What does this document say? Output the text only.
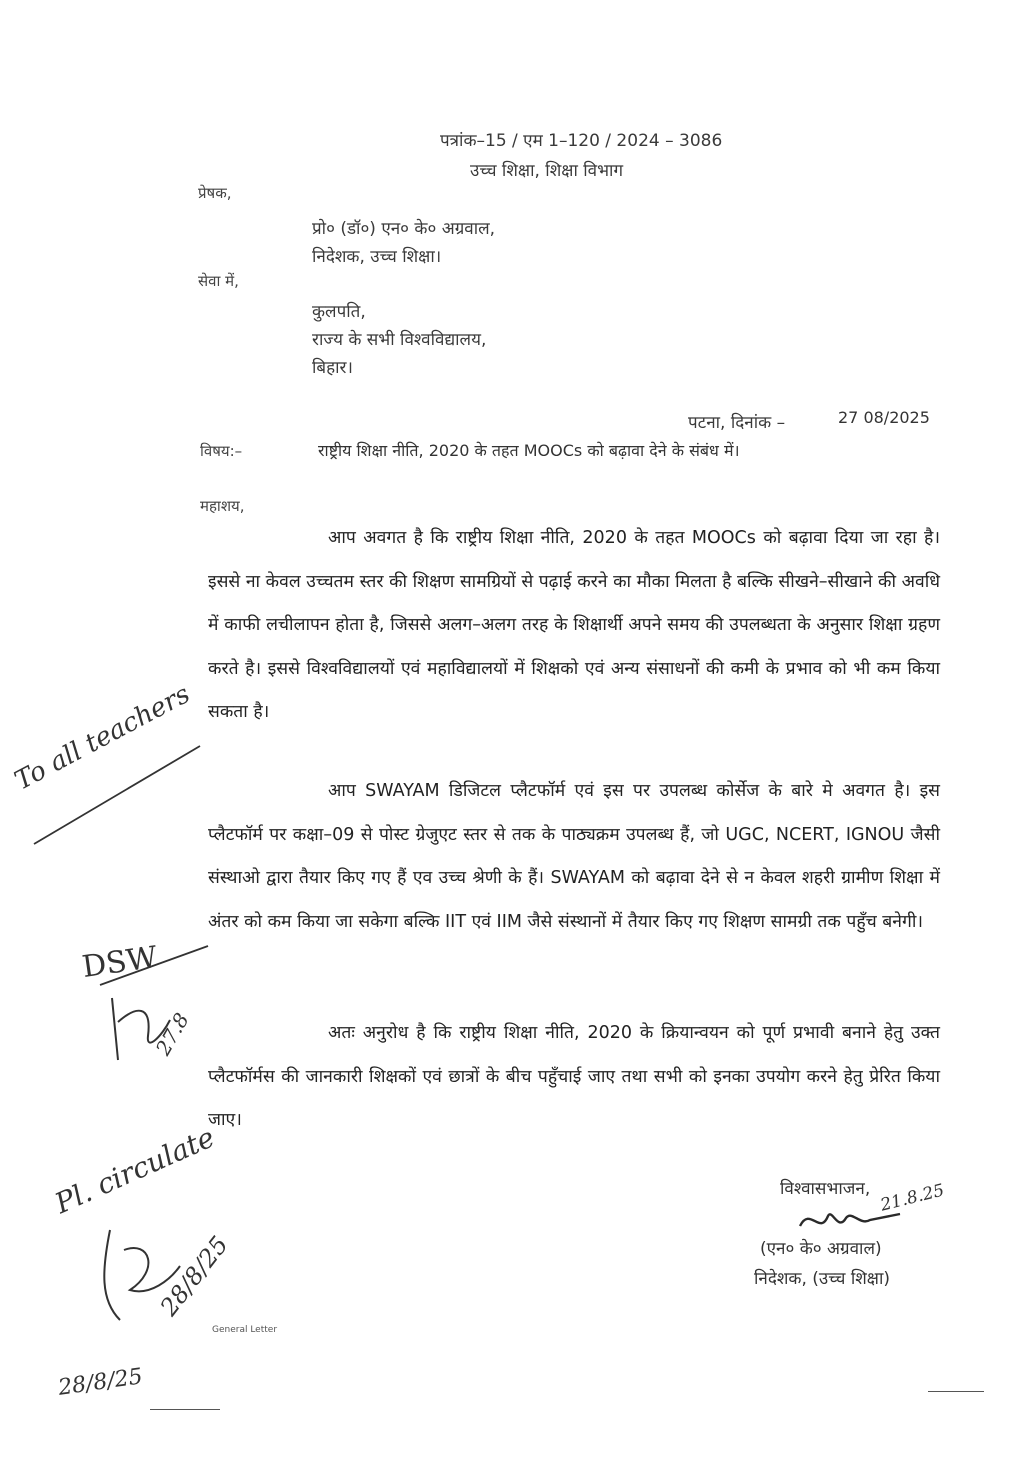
पत्रांक–15 / एम 1–120 / 2024 – 3086
उच्च शिक्षा, शिक्षा विभाग
प्रेषक,
प्रो० (डॉ०) एन० के० अग्रवाल,
निदेशक, उच्च शिक्षा।
सेवा में,
कुलपति,
राज्य के सभी विश्वविद्यालय,
बिहार।
पटना, दिनांक –	27 08/2025
विषय:–	राष्ट्रीय शिक्षा नीति, 2020 के तहत MOOCs को बढ़ावा देने के संबंध में।
महाशय,
आप अवगत है कि राष्ट्रीय शिक्षा नीति, 2020 के तहत MOOCs को बढ़ावा दिया जा रहा है। इससे ना केवल उच्चतम स्तर की शिक्षण सामग्रियों से पढ़ाई करने का मौका मिलता है बल्कि सीखने–सीखाने की अवधि में काफी लचीलापन होता है, जिससे अलग–अलग तरह के शिक्षार्थी अपने समय की उपलब्धता के अनुसार शिक्षा ग्रहण करते है। इससे विश्वविद्यालयों एवं महाविद्यालयों में शिक्षको एवं अन्य संसाधनों की कमी के प्रभाव को भी कम किया सकता है।
आप SWAYAM डिजिटल प्लैटफॉर्म एवं इस पर उपलब्ध कोर्सेज के बारे मे अवगत है। इस प्लैटफॉर्म पर कक्षा–09 से पोस्ट ग्रेजुएट स्तर से तक के पाठ्यक्रम उपलब्ध हैं, जो UGC, NCERT, IGNOU जैसी संस्थाओ द्वारा तैयार किए गए हैं एव उच्च श्रेणी के हैं। SWAYAM को बढ़ावा देने से न केवल शहरी ग्रामीण शिक्षा में अंतर को कम किया जा सकेगा बल्कि IIT एवं IIM जैसे संस्थानों में तैयार किए गए शिक्षण सामग्री तक पहुँच बनेगी।
अतः अनुरोध है कि राष्ट्रीय शिक्षा नीति, 2020 के क्रियान्वयन को पूर्ण प्रभावी बनाने हेतु उक्त प्लैटफॉर्मस की जानकारी शिक्षकों एवं छात्रों के बीच पहुँचाई जाए तथा सभी को इनका उपयोग करने हेतु प्रेरित किया जाए।
विश्वासभाजन, 21.8.25
(एन० के० अग्रवाल)
निदेशक, (उच्च शिक्षा)
General Letter
To all teachers
DSW
27.8
Pl. circulate
28/8/25
28/8/25
